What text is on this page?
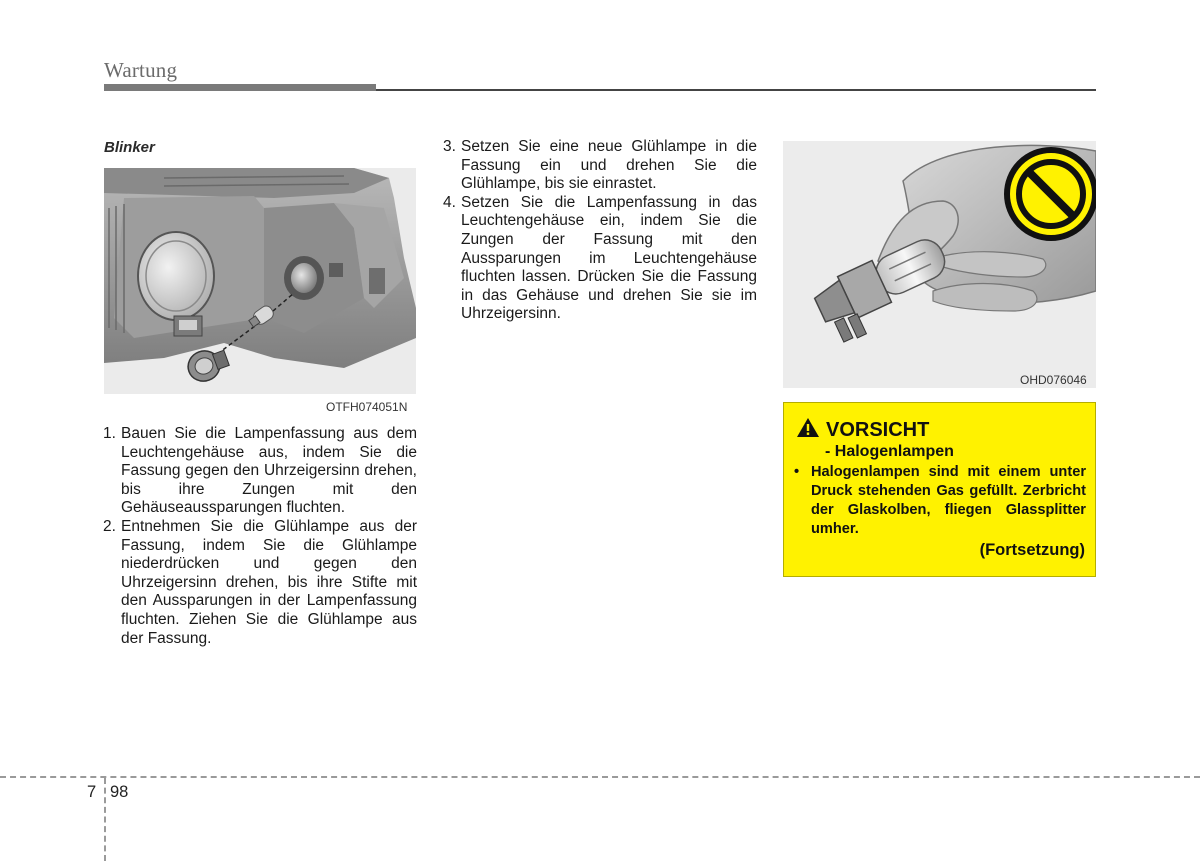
Wartung
Blinker
OTFH074051N
1. Bauen Sie die Lampenfassung aus dem Leuchtengehäuse aus, indem Sie die Fassung gegen den Uhrzeigersinn drehen, bis ihre Zungen mit den Gehäuseaussparungen fluchten.
2. Entnehmen Sie die Glühlampe aus der Fassung, indem Sie die Glühlampe niederdrücken und gegen den Uhrzeigersinn drehen, bis ihre Stifte mit den Aussparungen in der Lampenfassung fluchten. Ziehen Sie die Glühlampe aus der Fassung.
3. Setzen Sie eine neue Glühlampe in die Fassung ein und drehen Sie die Glühlampe, bis sie einrastet.
4. Setzen Sie die Lampenfassung in das Leuchtengehäuse ein, indem Sie die Zungen der Fassung mit den Aussparungen im Leuchtengehäuse fluchten lassen. Drücken Sie die Fassung in das Gehäuse und drehen Sie sie im Uhrzeigersinn.
OHD076046
VORSICHT
- Halogenlampen
• Halogenlampen sind mit einem unter Druck stehenden Gas gefüllt. Zerbricht der Glaskolben, fliegen Glassplitter umher.
(Fortsetzung)
7 98
